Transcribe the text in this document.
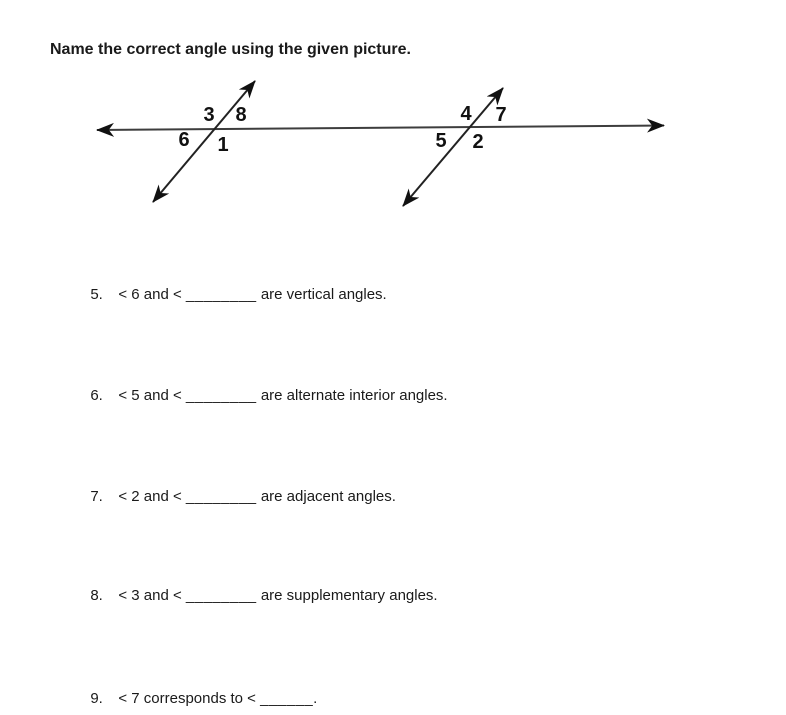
Name the correct angle using the given picture.
3 8
6 1
4 7
5 2

5. < 6 and < ________ are vertical angles.

6. < 5 and < ________ are alternate interior angles.

7. < 2 and < ________ are adjacent angles.

8. < 3 and < ________ are supplementary angles.

9. < 7 corresponds to < ______.
